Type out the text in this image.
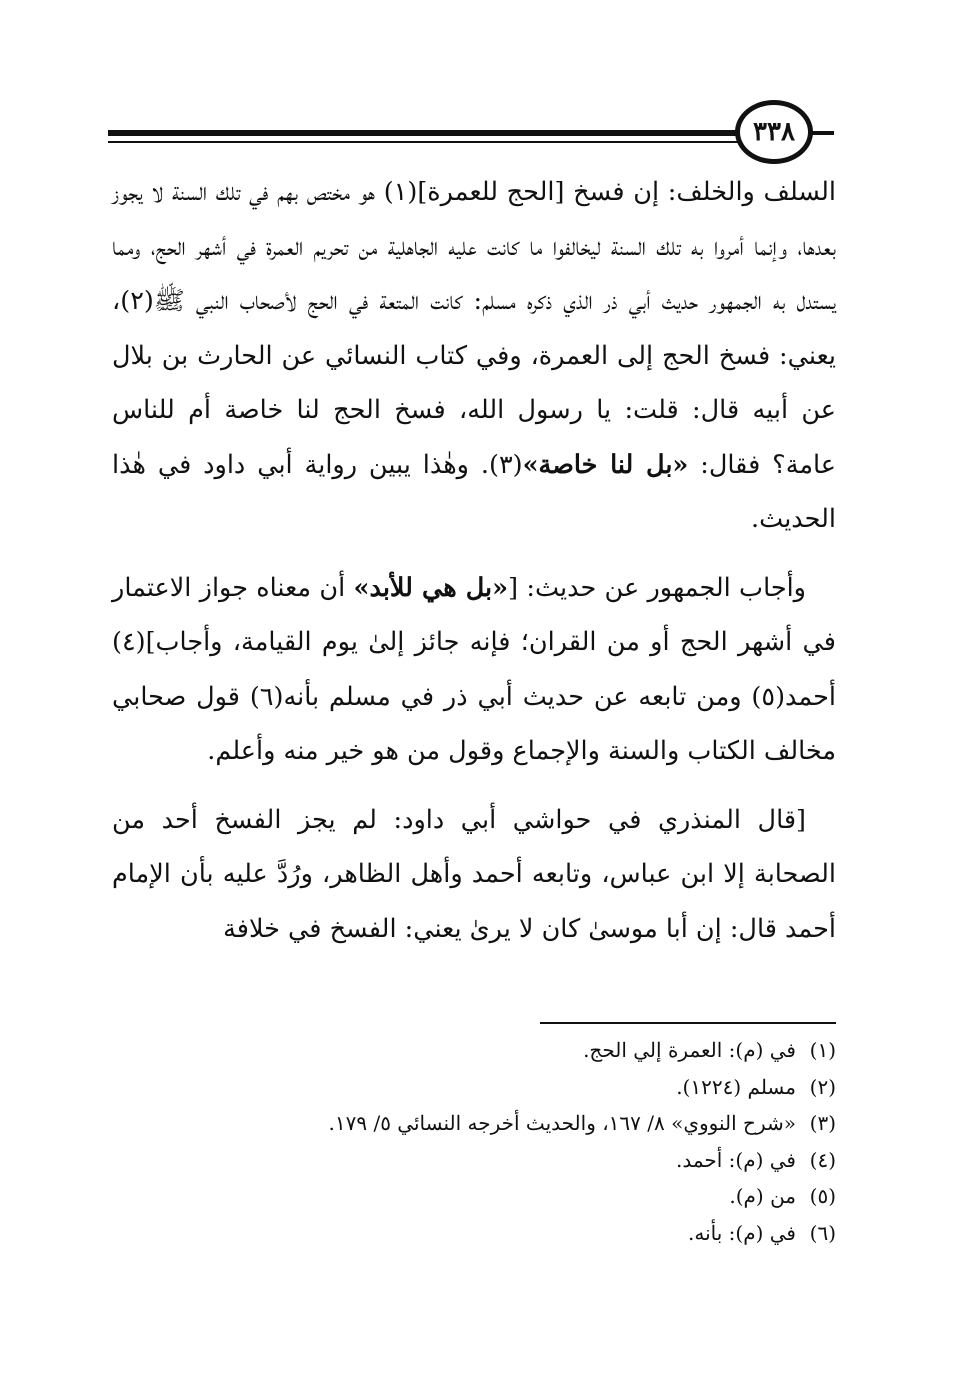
٣٣٨

السلف والخلف: إن فسخ [الحج للعمرة](١) هو مختص بهم في تلك السنة لا يجوز بعدها، وإنما أمروا به تلك السنة ليخالفوا ما كانت عليه الجاهلية من تحريم العمرة في أشهر الحج، ومما يستدل به الجمهور حديث أبي ذر الذي ذكره مسلم: كانت المتعة في الحج لأصحاب النبي ﷺ(٢)، يعني: فسخ الحج إلى العمرة، وفي كتاب النسائي عن الحارث بن بلال عن أبيه قال: قلت: يا رسول الله، فسخ الحج لنا خاصة أم للناس عامة؟ فقال: «بل لنا خاصة»(٣). وهٰذا يبين رواية أبي داود في هٰذا الحديث.

وأجاب الجمهور عن حديث: [«بل هي للأبد» أن معناه جواز الاعتمار في أشهر الحج أو من القران؛ فإنه جائز إلىٰ يوم القيامة، وأجاب](٤) أحمد(٥) ومن تابعه عن حديث أبي ذر في مسلم بأنه(٦) قول صحابي مخالف الكتاب والسنة والإجماع وقول من هو خير منه وأعلم.

[قال المنذري في حواشي أبي داود: لم يجز الفسخ أحد من الصحابة إلا ابن عباس، وتابعه أحمد وأهل الظاهر، ورُدَّ عليه بأن الإمام أحمد قال: إن أبا موسىٰ كان لا يرىٰ يعني: الفسخ في خلافة

(١)في (م): العمرة إلي الحج.
(٢)مسلم (١٢٢٤).
(٣)«شرح النووي» ٨/ ١٦٧، والحديث أخرجه النسائي ٥/ ١٧٩.
(٤)في (م): أحمد.
(٥)من (م).
(٦)في (م): بأنه.
